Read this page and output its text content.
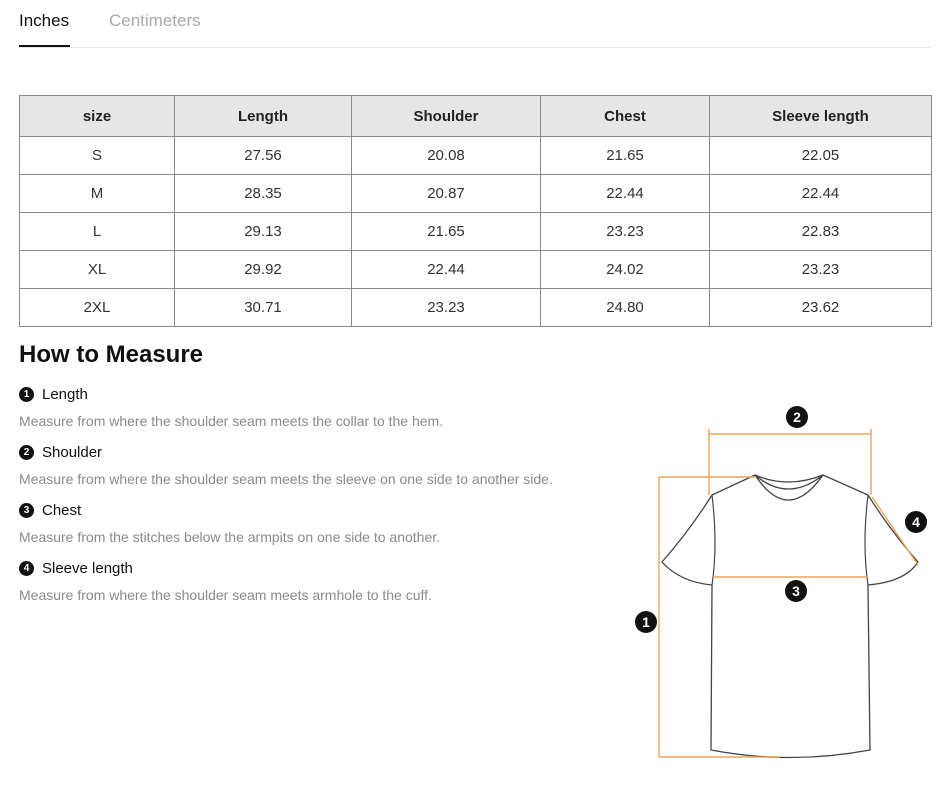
Inches Centimeters
size	Length	Shoulder	Chest	Sleeve length
S	27.56	20.08	21.65	22.05
M	28.35	20.87	22.44	22.44
L	29.13	21.65	23.23	22.83
XL	29.92	22.44	24.02	23.23
2XL	30.71	23.23	24.80	23.62
How to Measure
1 Length
Measure from where the shoulder seam meets the collar to the hem.
2 Shoulder
Measure from where the shoulder seam meets the sleeve on one side to another side.
3 Chest
Measure from the stitches below the armpits on one side to another.
4 Sleeve length
Measure from where the shoulder seam meets armhole to the cuff.
1
2
3
4
